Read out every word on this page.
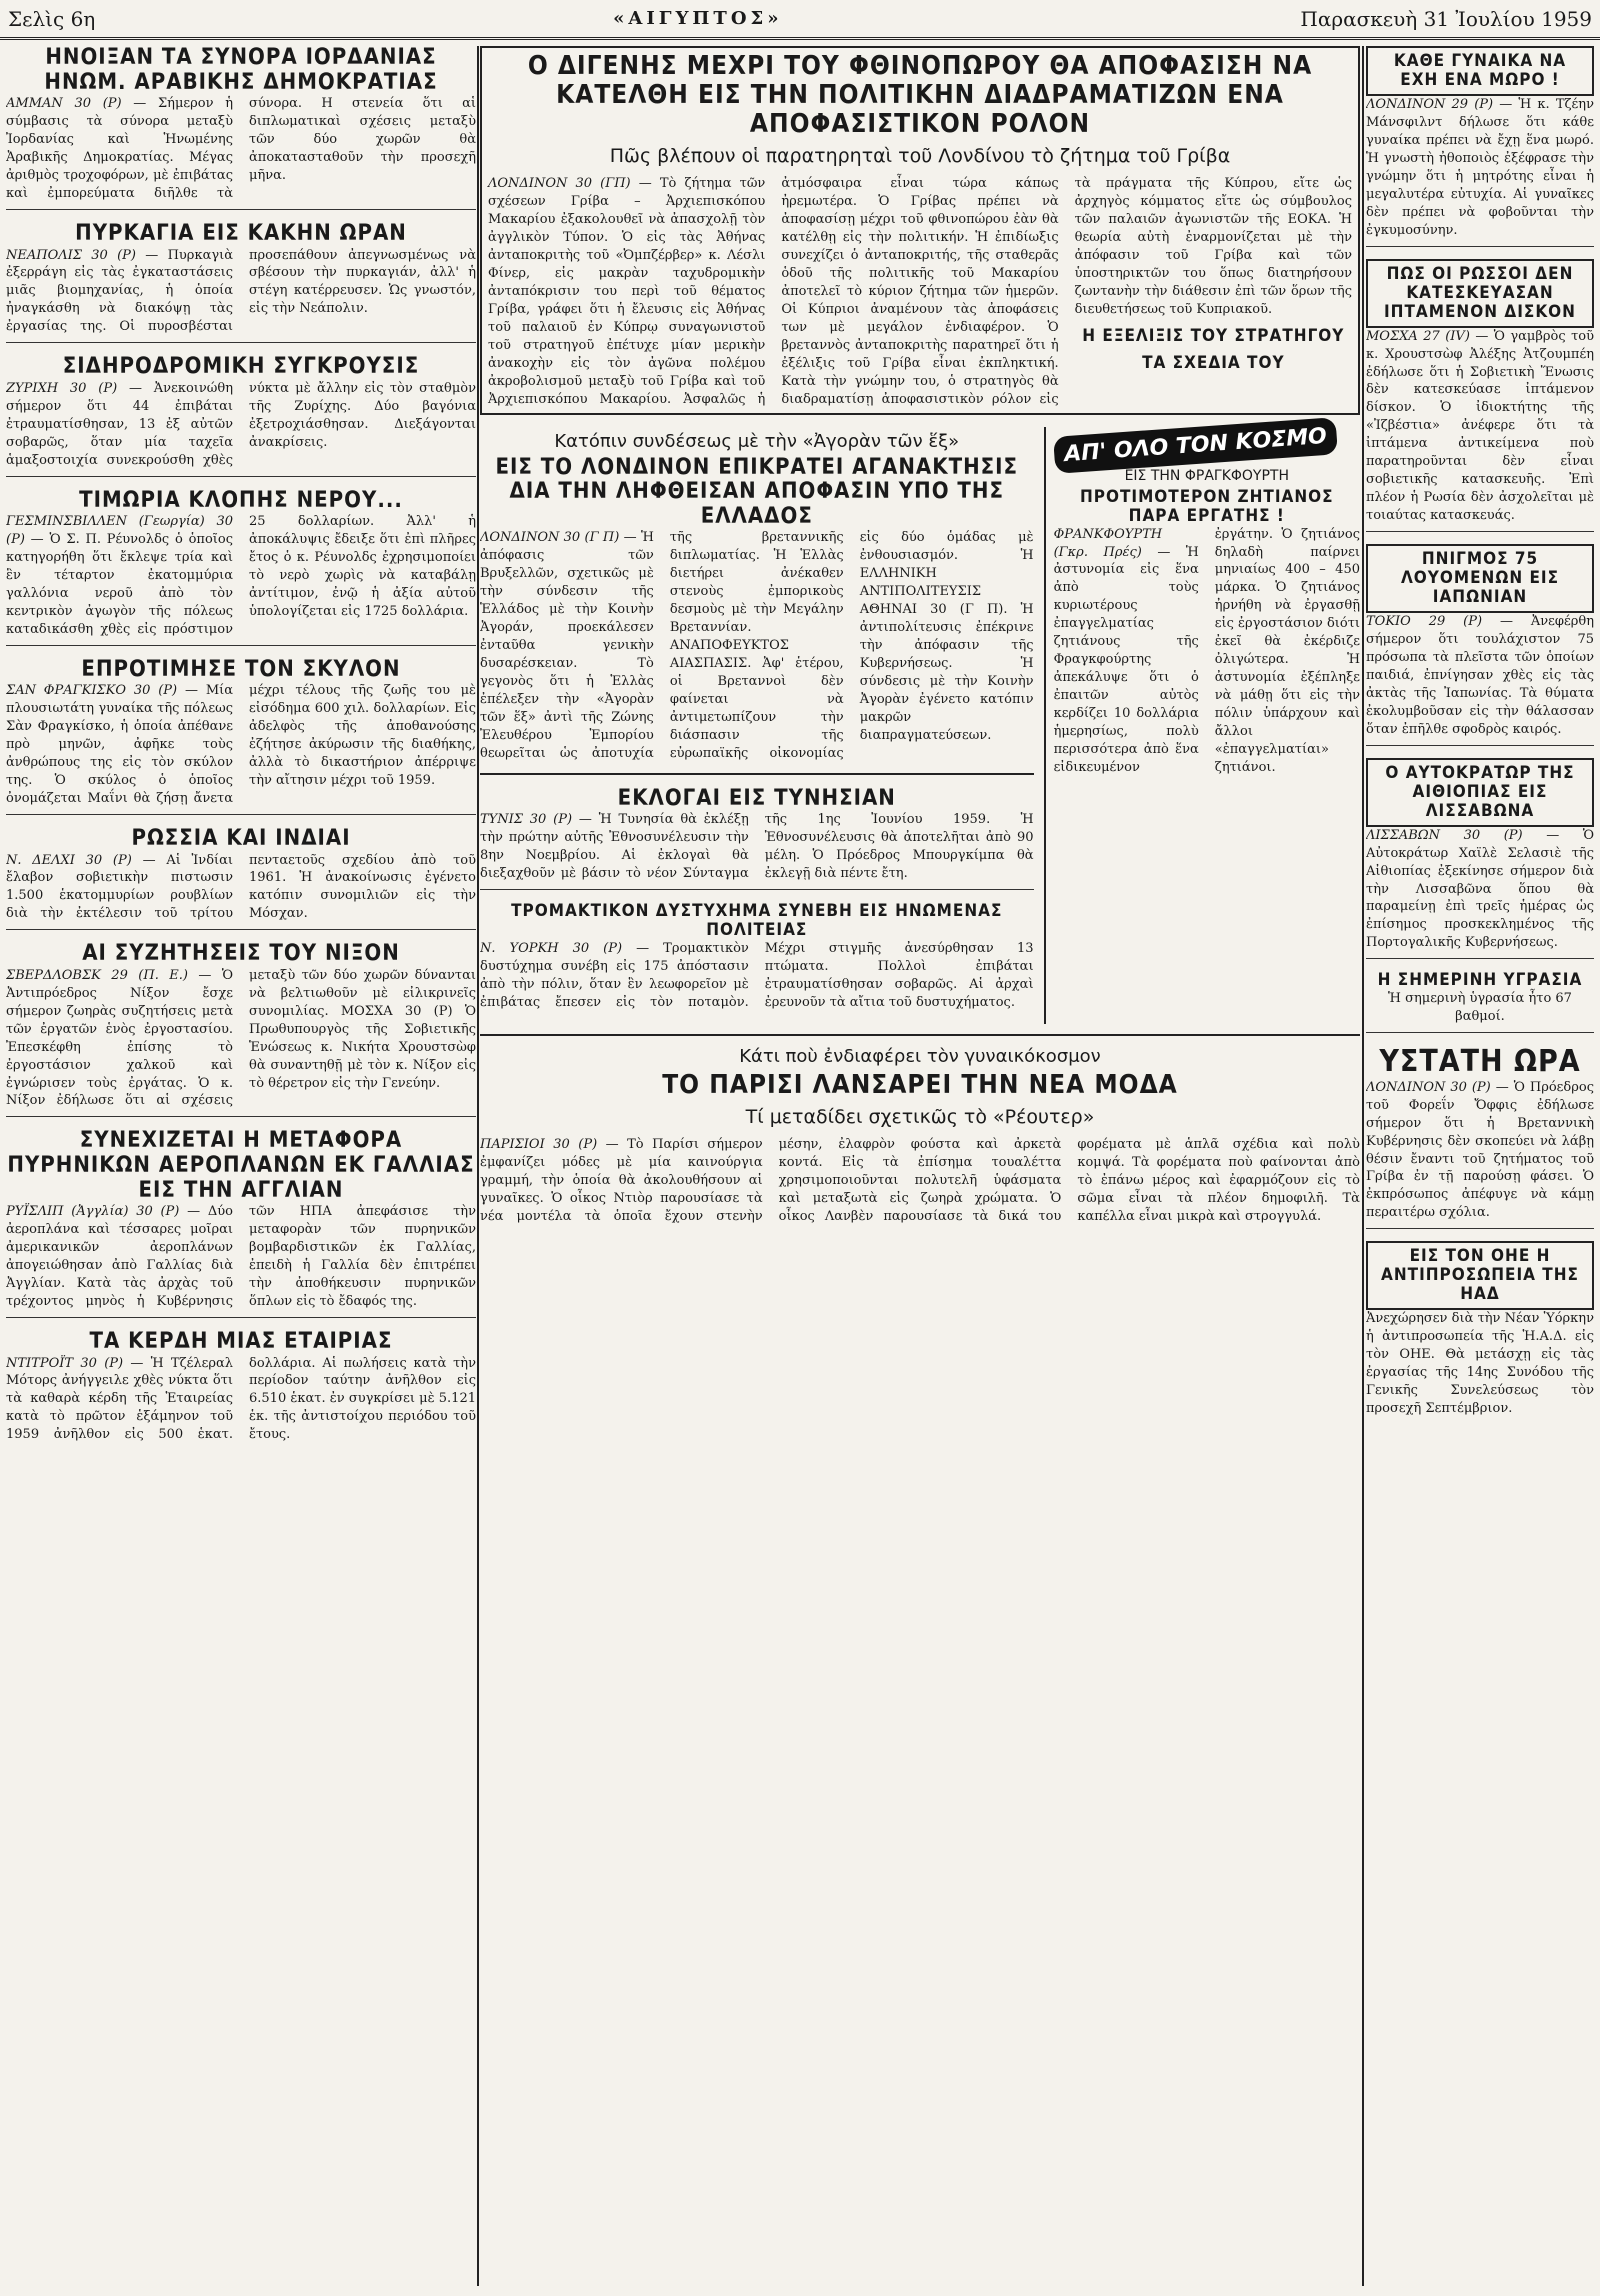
Σελὶς 6η	«ΑΙΓΥΠΤΟΣ»	Παρασκευὴ 31 Ἰουλίου 1959
ΗΝΟΙΞΑΝ ΤΑ ΣΥΝΟΡΑ ΙΟΡΔΑΝΙΑΣ ΗΝΩΜ. ΑΡΑΒΙΚΗΣ ΔΗΜΟΚΡΑΤΙΑΣ
ΑΜΜΑΝ 30 (Ρ) — Σήμερον ἡ σύμβασις τὰ σύνορα μεταξὺ Ἰορδανίας καὶ Ἡνωμένης Ἀραβικῆς Δημοκρατίας. Μέγας ἀριθμὸς τροχοφόρων, μὲ ἐπιβάτας καὶ ἐμπορεύματα διῆλθε τὰ σύνορα. Η στενεία ὅτι αἱ διπλωματικαὶ σχέσεις μεταξὺ τῶν δύο χωρῶν θὰ ἀποκατασταθοῦν τὴν προσεχῆ μῆνα.
ΠΥΡΚΑΓΙΑ ΕΙΣ ΚΑΚΗΝ ΩΡΑΝ
ΝΕΑΠΟΛΙΣ 30 (Ρ) — Πυρκαγιὰ ἐξερράγη εἰς τὰς ἐγκαταστάσεις μιᾶς βιομηχανίας, ἡ ὁποία ἠναγκάσθη νὰ διακόψῃ τὰς ἐργασίας της. Οἱ πυροσβέσται προσεπάθουν ἀπεγνωσμένως νὰ σβέσουν τὴν πυρκαγιάν, ἀλλ' ἡ στέγη κατέρρευσεν. Ὡς γνωστόν, εἰς τὴν Νεάπολιν.
ΣΙΔΗΡΟΔΡΟΜΙΚΗ ΣΥΓΚΡΟΥΣΙΣ
ΖΥΡΙΧΗ 30 (Ρ) — Ἀνεκοινώθη σήμερον ὅτι 44 ἐπιβάται ἐτραυματίσθησαν, 13 ἐξ αὐτῶν σοβαρῶς, ὅταν μία ταχεῖα ἁμαξοστοιχία συνεκρούσθη χθὲς νύκτα μὲ ἄλλην εἰς τὸν σταθμὸν τῆς Ζυρίχης. Δύο βαγόνια ἐξετροχιάσθησαν. Διεξάγονται ἀνακρίσεις.
ΤΙΜΩΡΙΑ ΚΛΟΠΗΣ ΝΕΡΟΥ...
ΓΕΣΜΙΝΣΒΙΛΛΕΝ (Γεωργία) 30 (Ρ) — Ὁ Σ. Π. Ρέυνολδς ὁ ὁποῖος κατηγορήθη ὅτι ἔκλεψε τρία καὶ ἓν τέταρτον ἐκατομμύρια γαλλόνια νεροῦ ἀπὸ τὸν κεντρικὸν ἀγωγὸν τῆς πόλεως καταδικάσθη χθὲς εἰς πρόστιμον 25 δολλαρίων. Ἀλλ' ἡ ἀποκάλυψις ἔδειξε ὅτι ἐπὶ πλῆρες ἔτος ὁ κ. Ρέυνολδς ἐχρησιμοποίει τὸ νερὸ χωρὶς νὰ καταβάλῃ ἀντίτιμον, ἐνῷ ἡ ἀξία αὐτοῦ ὑπολογίζεται εἰς 1725 δολλάρια.
ΕΠΡΟΤΙΜΗΣΕ ΤΟΝ ΣΚΥΛΟΝ
ΣΑΝ ΦΡΑΓΚΙΣΚΟ 30 (Ρ) — Μία πλουσιωτάτη γυναίκα τῆς πόλεως Σὰν Φραγκίσκο, ἡ ὁποία ἀπέθανε πρὸ μηνῶν, ἀφῆκε τοὺς ἀνθρώπους της εἰς τὸν σκύλον της. Ὁ σκύλος ὁ ὁποῖος ὀνομάζεται Μαΐνι θὰ ζήσῃ ἄνετα μέχρι τέλους τῆς ζωῆς του μὲ εἰσόδημα 600 χιλ. δολλαρίων. Εἰς ἀδελφὸς τῆς ἀποθανούσης ἐζήτησε ἀκύρωσιν τῆς διαθήκης, ἀλλὰ τὸ δικαστήριον ἀπέρριψε τὴν αἴτησιν μέχρι τοῦ 1959.
ΡΩΣΣΙΑ ΚΑΙ ΙΝΔΙΑΙ
Ν. ΔΕΛΧΙ 30 (Ρ) — Αἱ Ἰνδίαι ἔλαβον σοβιετικὴν πιστωσιν 1.500 ἑκατομμυρίων ρουβλίων διὰ τὴν ἐκτέλεσιν τοῦ τρίτου πενταετοῦς σχεδίου ἀπὸ τοῦ 1961. Ἡ ἀνακοίνωσις ἐγένετο κατόπιν συνομιλιῶν εἰς τὴν Μόσχαν.
ΑΙ ΣΥΖΗΤΗΣΕΙΣ ΤΟΥ ΝΙΞΟΝ
ΣΒΕΡΔΛΟΒΣΚ 29 (Π. Ε.) — Ὁ Ἀντιπρόεδρος Νίξον ἔσχε σήμερον ζωηρὰς συζητήσεις μετὰ τῶν ἐργατῶν ἑνὸς ἐργοστασίου. Ἐπεσκέφθη ἐπίσης τὸ ἐργοστάσιον χαλκοῦ καὶ ἐγνώρισεν τοὺς ἐργάτας. Ὁ κ. Νίξον ἐδήλωσε ὅτι αἱ σχέσεις μεταξὺ τῶν δύο χωρῶν δύνανται νὰ βελτιωθοῦν μὲ εἰλικρινεῖς συνομιλίας. ΜΟΣΧΑ 30 (Ρ) Ὁ Πρωθυπουργὸς τῆς Σοβιετικῆς Ἑνώσεως κ. Νικήτα Χρουστσὼφ θὰ συναντηθῇ μὲ τὸν κ. Νίξον εἰς τὸ θέρετρον εἰς τὴν Γενεύην.
ΣΥΝΕΧΙΖΕΤΑΙ Η ΜΕΤΑΦΟΡΑ ΠΥΡΗΝΙΚΩΝ ΑΕΡΟΠΛΑΝΩΝ ΕΚ ΓΑΛΛΙΑΣ ΕΙΣ ΤΗΝ ΑΓΓΛΙΑΝ
ΡΥΪΣΛΙΠ (Ἀγγλία) 30 (Ρ) — Δύο ἀεροπλάνα καὶ τέσσαρες μοῖραι ἀμερικανικῶν ἀεροπλάνων ἀπογειώθησαν ἀπὸ Γαλλίας διὰ Ἀγγλίαν. Κατὰ τὰς ἀρχὰς τοῦ τρέχοντος μηνὸς ἡ Κυβέρνησις τῶν ΗΠΑ ἀπεφάσισε τὴν μεταφορὰν τῶν πυρηνικῶν βομβαρδιστικῶν ἐκ Γαλλίας, ἐπειδὴ ἡ Γαλλία δὲν ἐπιτρέπει τὴν ἀποθήκευσιν πυρηνικῶν ὅπλων εἰς τὸ ἔδαφός της.
ΤΑ ΚΕΡΔΗ ΜΙΑΣ ΕΤΑΙΡΙΑΣ
ΝΤΙΤΡΟΪΤ 30 (Ρ) — Ἡ Τζέλεραλ Μότορς ἀνήγγειλε χθὲς νύκτα ὅτι τὰ καθαρὰ κέρδη τῆς Ἑταιρείας κατὰ τὸ πρῶτον ἑξάμηνον τοῦ 1959 ἀνῆλθον εἰς 500 ἑκατ. δολλάρια. Αἱ πωλήσεις κατὰ τὴν περίοδον ταύτην ἀνῆλθον εἰς 6.510 ἑκατ. ἐν συγκρίσει μὲ 5.121 ἑκ. τῆς ἀντιστοίχου περιόδου τοῦ ἔτους.
Ο ΔΙΓΕΝΗΣ ΜΕΧΡΙ ΤΟΥ ΦΘΙΝΟΠΩΡΟΥ ΘΑ ΑΠΟΦΑΣΙΣΗ ΝΑ ΚΑΤΕΛΘΗ ΕΙΣ ΤΗΝ ΠΟΛΙΤΙΚΗΝ ΔΙΑΔΡΑΜΑΤΙΖΩΝ ΕΝΑ ΑΠΟΦΑΣΙΣΤΙΚΟΝ ΡΟΛΟΝ
Πῶς βλέπουν οἱ παρατηρηταὶ τοῦ Λονδίνου τὸ ζήτημα τοῦ Γρίβα
ΛΟΝΔΙΝΟΝ 30 (ΓΠ) — Τὸ ζήτημα τῶν σχέσεων Γρίβα – Ἀρχιεπισκόπου Μακαρίου ἐξακολουθεῖ νὰ ἀπασχολῇ τὸν ἀγγλικὸν Τύπον. Ὁ εἰς τὰς Ἀθήνας ἀνταποκριτὴς τοῦ «Ὀμπζέρβερ» κ. Λέσλι Φίνερ, εἰς μακρὰν ταχυδρομικὴν ἀνταπόκρισιν του περὶ τοῦ θέματος Γρίβα, γράφει ὅτι ἡ ἔλευσις εἰς Ἀθήνας τοῦ παλαιοῦ ἐν Κύπρῳ συναγωνιστοῦ τοῦ στρατηγοῦ ἐπέτυχε μίαν μερικὴν ἀνακοχὴν εἰς τὸν ἀγῶνα πολέμου ἀκροβολισμοῦ μεταξὺ τοῦ Γρίβα καὶ τοῦ Ἀρχιεπισκόπου Μακαρίου. Ἀσφαλῶς ἡ ἀτμόσφαιρα εἶναι τώρα κάπως ἠρεμωτέρα. Ὁ Γρίβας πρέπει νὰ ἀποφασίσῃ μέχρι τοῦ φθινοπώρου ἐὰν θὰ κατέλθῃ εἰς τὴν πολιτικήν. Ἡ ἐπιδίωξις συνεχίζει ὁ ἀνταποκριτής, τῆς σταθερᾶς ὁδοῦ τῆς πολιτικῆς τοῦ Μακαρίου ἀποτελεῖ τὸ κύριον ζήτημα τῶν ἡμερῶν. Οἱ Κύπριοι ἀναμένουν τὰς ἀποφάσεις των μὲ μεγάλον ἐνδιαφέρον. Ὁ βρεταννὸς ἀνταποκριτὴς παρατηρεῖ ὅτι ἡ ἐξέλιξις τοῦ Γρίβα εἶναι ἐκπληκτική. Κατὰ τὴν γνώμην του, ὁ στρατηγὸς θὰ διαδραματίσῃ ἀποφασιστικὸν ρόλον εἰς τὰ πράγματα τῆς Κύπρου, εἴτε ὡς ἀρχηγὸς κόμματος εἴτε ὡς σύμβουλος τῶν παλαιῶν ἀγωνιστῶν τῆς ΕΟΚΑ. Ἡ θεωρία αὐτὴ ἐναρμονίζεται μὲ τὴν ἀπόφασιν τοῦ Γρίβα καὶ τῶν ὑποστηρικτῶν του ὅπως διατηρήσουν ζωντανὴν τὴν διάθεσιν ἐπὶ τῶν ὅρων τῆς διευθετήσεως τοῦ Κυπριακοῦ.
Η ΕΞΕΛΙΞΙΣ ΤΟΥ ΣΤΡΑΤΗΓΟΥ
ΤΑ ΣΧΕΔΙΑ ΤΟΥ
Κατόπιν συνδέσεως μὲ τὴν «Ἀγορὰν τῶν ἕξ»
ΕΙΣ ΤΟ ΛΟΝΔΙΝΟΝ ΕΠΙΚΡΑΤΕΙ ΑΓΑΝΑΚΤΗΣΙΣ ΔΙΑ ΤΗΝ ΛΗΦΘΕΙΣΑΝ ΑΠΟΦΑΣΙΝ ΥΠΟ ΤΗΣ ΕΛΛΑΔΟΣ
ΛΟΝΔΙΝΟΝ 30 (Γ Π) — Ἡ ἀπόφασις τῶν Βρυξελλῶν, σχετικῶς μὲ τὴν σύνδεσιν τῆς Ἑλλάδος μὲ τὴν Κοινὴν Ἀγοράν, προεκάλεσεν ἐνταῦθα γενικὴν δυσαρέσκειαν. Τὸ γεγονὸς ὅτι ἡ Ἑλλὰς ἐπέλεξεν τὴν «Ἀγορὰν τῶν ἕξ» ἀντὶ τῆς Ζώνης Ἐλευθέρου Ἐμπορίου θεωρεῖται ὡς ἀποτυχία τῆς βρεταννικῆς διπλωματίας. Ἡ Ἑλλὰς διετήρει ἀνέκαθεν στενοὺς ἐμπορικοὺς δεσμοὺς μὲ τὴν Μεγάλην Βρεταννίαν. ΑΝΑΠΟΦΕΥΚΤΟΣ ΑΙΑΣΠΑΣΙΣ. Ἀφ' ἑτέρου, οἱ Βρεταννοὶ δὲν φαίνεται νὰ ἀντιμετωπίζουν τὴν διάσπασιν τῆς εὐρωπαϊκῆς οἰκονομίας εἰς δύο ὁμάδας μὲ ἐνθουσιασμόν. Ἡ ΕΛΛΗΝΙΚΗ ΑΝΤΙΠΟΛΙΤΕΥΣΙΣ ΑΘΗΝΑΙ 30 (Γ Π). Ἡ ἀντιπολίτευσις ἐπέκρινε τὴν ἀπόφασιν τῆς Κυβερνήσεως. Ἡ σύνδεσις μὲ τὴν Κοινὴν Ἀγορὰν ἐγένετο κατόπιν μακρῶν διαπραγματεύσεων.
ΕΚΛΟΓΑΙ ΕΙΣ ΤΥΝΗΣΙΑΝ
ΤΥΝΙΣ 30 (Ρ) — Ἡ Τυνησία θὰ ἐκλέξῃ τὴν πρώτην αὐτῆς Ἐθνοσυνέλευσιν τὴν 8ην Νοεμβρίου. Αἱ ἐκλογαὶ θὰ διεξαχθοῦν μὲ βάσιν τὸ νέον Σύνταγμα τῆς 1ης Ἰουνίου 1959. Ἡ Ἐθνοσυνέλευσις θὰ ἀποτελῆται ἀπὸ 90 μέλη. Ὁ Πρόεδρος Μπουργκίμπα θὰ ἐκλεγῇ διὰ πέντε ἔτη.
ΤΡΟΜΑΚΤΙΚΟΝ ΔΥΣΤΥΧΗΜΑ ΣΥΝΕΒΗ ΕΙΣ ΗΝΩΜΕΝΑΣ ΠΟΛΙΤΕΙΑΣ
Ν. ΥΟΡΚΗ 30 (Ρ) — Τρομακτικὸν δυστύχημα συνέβη εἰς 175 ἀπόστασιν ἀπὸ τὴν πόλιν, ὅταν ἓν λεωφορεῖον μὲ ἐπιβάτας ἔπεσεν εἰς τὸν ποταμὸν. Μέχρι στιγμῆς ἀνεσύρθησαν 13 πτώματα. Πολλοὶ ἐπιβάται ἐτραυματίσθησαν σοβαρῶς. Αἱ ἀρχαὶ ἐρευνοῦν τὰ αἴτια τοῦ δυστυχήματος.
ΑΠ' ΟΛΟ ΤΟΝ ΚΟΣΜΟ
ΕΙΣ ΤΗΝ ΦΡΑΓΚΦΟΥΡΤΗ
ΠΡΟΤΙΜΟΤΕΡΟΝ ΖΗΤΙΑΝΟΣ ΠΑΡΑ ΕΡΓΑΤΗΣ !
ΦΡΑΝΚΦΟΥΡΤΗ (Γκρ. Πρές) — Ἡ ἀστυνομία εἰς ἕνα ἀπὸ τοὺς κυριωτέρους ἐπαγγελματίας ζητιάνους τῆς Φραγκφούρτης ἀπεκάλυψε ὅτι ὁ ἐπαιτῶν αὐτὸς κερδίζει 10 δολλάρια ἡμερησίως, πολὺ περισσότερα ἀπὸ ἕνα εἰδικευμένον ἐργάτην. Ὁ ζητιάνος δηλαδὴ παίρνει μηνιαίως 400 – 450 μάρκα. Ὁ ζητιάνος ἠρνήθη νὰ ἐργασθῇ εἰς ἐργοστάσιον διότι ἐκεῖ θὰ ἐκέρδιζε ὀλιγώτερα. Ἡ ἀστυνομία ἐξέπληξε νὰ μάθῃ ὅτι εἰς τὴν πόλιν ὑπάρχουν καὶ ἄλλοι «ἐπαγγελματίαι» ζητιάνοι.
Κάτι ποὺ ἐνδιαφέρει τὸν γυναικόκοσμον
ΤΟ ΠΑΡΙΣΙ ΛΑΝΣΑΡΕΙ ΤΗΝ ΝΕΑ ΜΟΔΑ
Τί μεταδίδει σχετικῶς τὸ «Ρέουτερ»
ΠΑΡΙΣΙΟΙ 30 (Ρ) — Τὸ Παρίσι σήμερον ἐμφανίζει μόδες μὲ μία καινούργια γραμμή, τὴν ὁποία θὰ ἀκολουθήσουν αἱ γυναῖκες. Ὁ οἶκος Ντιὸρ παρουσίασε τὰ νέα μοντέλα τὰ ὁποῖα ἔχουν στενὴν μέσην, ἐλαφρὸν φούστα καὶ ἀρκετὰ κοντά. Εἰς τὰ ἐπίσημα τουαλέττα χρησιμοποιοῦνται πολυτελῆ ὑφάσματα καὶ μεταξωτὰ εἰς ζωηρὰ χρώματα. Ὁ οἶκος Λανβὲν παρουσίασε τὰ δικά του φορέματα μὲ ἁπλᾶ σχέδια καὶ πολὺ κομψά. Τὰ φορέματα ποὺ φαίνονται ἀπὸ τὸ ἐπάνω μέρος καὶ ἐφαρμόζουν εἰς τὸ σῶμα εἶναι τὰ πλέον δημοφιλῆ. Τὰ καπέλλα εἶναι μικρὰ καὶ στρογγυλά.
ΚΑΘΕ ΓΥΝΑΙΚΑ ΝΑ ΕΧΗ ΕΝΑ ΜΩΡΟ !
ΛΟΝΔΙΝΟΝ 29 (Ρ) — Ἡ κ. Τζέην Μάνσφιλντ δήλωσε ὅτι κάθε γυναίκα πρέπει νὰ ἔχῃ ἕνα μωρό. Ἡ γνωστὴ ἠθοποιὸς ἐξέφρασε τὴν γνώμην ὅτι ἡ μητρότης εἶναι ἡ μεγαλυτέρα εὐτυχία. Αἱ γυναῖκες δὲν πρέπει νὰ φοβοῦνται τὴν ἐγκυμοσύνην.
ΠΩΣ ΟΙ ΡΩΣΣΟΙ ΔΕΝ ΚΑΤΕΣΚΕΥΑΣΑΝ ΙΠΤΑΜΕΝΟΝ ΔΙΣΚΟΝ
ΜΟΣΧΑ 27 (ΙV) — Ὁ γαμβρὸς τοῦ κ. Χρουστσὼφ Ἀλέξης Ἀτζουμπέη ἐδήλωσε ὅτι ἡ Σοβιετικὴ Ἕνωσις δὲν κατεσκεύασε ἰπτάμενον δίσκον. Ὁ ἰδιοκτήτης τῆς «Ἰζβέστια» ἀνέφερε ὅτι τὰ ἰπτάμενα ἀντικείμενα ποὺ παρατηροῦνται δὲν εἶναι σοβιετικῆς κατασκευῆς. Ἐπὶ πλέον ἡ Ρωσία δὲν ἀσχολεῖται μὲ τοιαύτας κατασκευάς.
ΠΝΙΓΜΟΣ 75 ΛΟΥΟΜΕΝΩΝ ΕΙΣ ΙΑΠΩΝΙΑΝ
ΤΟΚΙΟ 29 (Ρ) — Ἀνεφέρθη σήμερον ὅτι τουλάχιστον 75 πρόσωπα τὰ πλεῖστα τῶν ὁποίων παιδιά, ἐπνίγησαν χθὲς εἰς τὰς ἀκτὰς τῆς Ἰαπωνίας. Τὰ θύματα ἐκολυμβοῦσαν εἰς τὴν θάλασσαν ὅταν ἐπῆλθε σφοδρὸς καιρός.
Ο ΑΥΤΟΚΡΑΤΩΡ ΤΗΣ ΑΙΘΙΟΠΙΑΣ ΕΙΣ ΛΙΣΣΑΒΩΝΑ
ΛΙΣΣΑΒΩΝ 30 (Ρ) — Ὁ Αὐτοκράτωρ Χαϊλὲ Σελασιὲ τῆς Αἰθιοπίας ἐξεκίνησε σήμερον διὰ τὴν Λισσαβῶνα ὅπου θὰ παραμείνῃ ἐπὶ τρεῖς ἡμέρας ὡς ἐπίσημος προσκεκλημένος τῆς Πορτογαλικῆς Κυβερνήσεως.
Η ΣΗΜΕΡΙΝΗ ΥΓΡΑΣΙΑ
Ἡ σημερινὴ ὑγρασία ἦτο 67 βαθμοί.
ΥΣΤΑΤΗ ΩΡΑ
ΛΟΝΔΙΝΟΝ 30 (Ρ) — Ὁ Πρόεδρος τοῦ Φορεΐν Ὄφφις ἐδήλωσε σήμερον ὅτι ἡ Βρεταννικὴ Κυβέρνησις δὲν σκοπεύει νὰ λάβῃ θέσιν ἔναντι τοῦ ζητήματος τοῦ Γρίβα ἐν τῇ παρούσῃ φάσει. Ὁ ἐκπρόσωπος ἀπέφυγε νὰ κάμῃ περαιτέρω σχόλια.
ΕΙΣ ΤΟΝ ΟΗΕ Η ΑΝΤΙΠΡΟΣΩΠΕΙΑ ΤΗΣ ΗΑΔ
Ἀνεχώρησεν διὰ τὴν Νέαν Ὑόρκην ἡ ἀντιπροσωπεία τῆς Ἡ.Α.Δ. εἰς τὸν ΟΗΕ. Θὰ μετάσχῃ εἰς τὰς ἐργασίας τῆς 14ης Συνόδου τῆς Γενικῆς Συνελεύσεως τὸν προσεχῆ Σεπτέμβριον.
